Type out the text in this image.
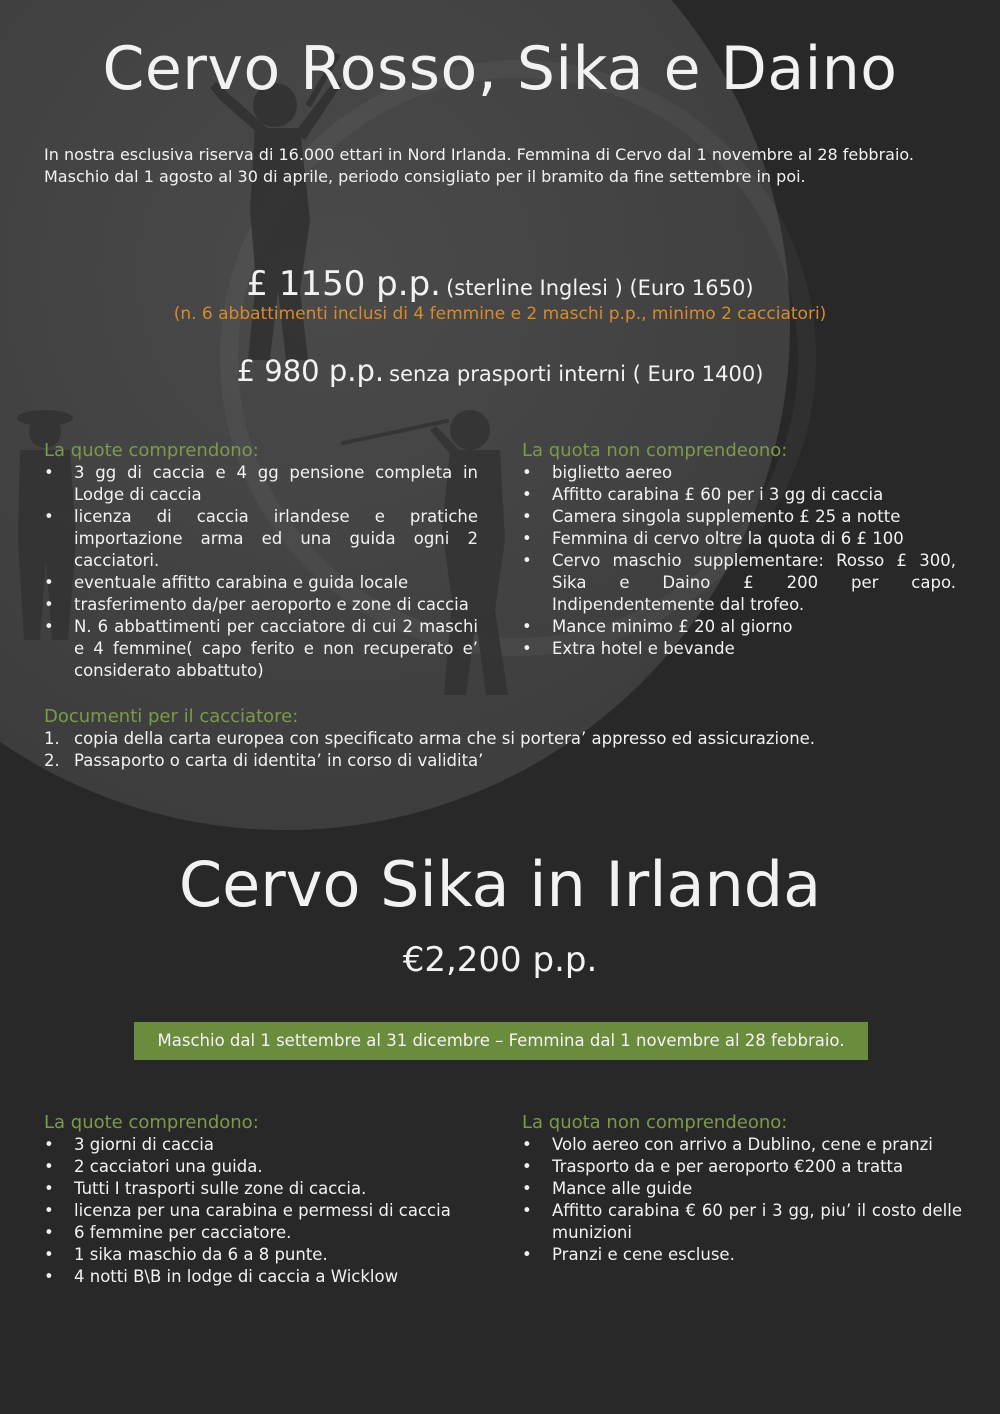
Cervo Rosso, Sika e Daino

In nostra esclusiva riserva di 16.000 ettari in Nord Irlanda. Femmina di Cervo dal 1 novembre al 28 febbraio.

Maschio dal 1 agosto al 30 di aprile, periodo consigliato per il bramito da fine settembre in poi.

£ 1150 p.p. (sterline Inglesi ) (Euro 1650)
(n. 6 abbattimenti inclusi di 4 femmine e 2 maschi p.p., minimo 2 cacciatori)
£ 980 p.p. senza prasporti interni ( Euro 1400)
La quote comprendono:
• 3 gg di caccia e 4 gg pensione completa in Lodge di caccia
• licenza di caccia irlandese e pratiche importazione arma ed una guida ogni 2 cacciatori.
• eventuale affitto carabina e guida locale
• trasferimento da/per aeroporto e zone di caccia
• N. 6 abbattimenti per cacciatore di cui 2 maschi e 4 femmine( capo ferito e non recuperato e’ considerato abbattuto)
La quota non comprendeono:
• biglietto aereo
• Affitto carabina £ 60 per i 3 gg di caccia
• Camera singola supplemento £ 25 a notte
• Femmina di cervo oltre la quota di 6 £ 100
• Cervo maschio supplementare: Rosso £ 300, Sika e Daino £ 200 per capo. Indipendentemente dal trofeo.
• Mance minimo £ 20 al giorno
• Extra hotel e bevande
Documenti per il cacciatore:
1. copia della carta europea con specificato arma che si portera’ appresso ed assicurazione.
2. Passaporto o carta di identita’ in corso di validita’
Cervo Sika in Irlanda
€2,200 p.p.
Maschio dal 1 settembre al 31 dicembre – Femmina dal 1 novembre al 28 febbraio.
La quote comprendono:
• 3 giorni di caccia
• 2 cacciatori una guida.
• Tutti I trasporti sulle zone di caccia.
• licenza per una carabina e permessi di caccia
• 6 femmine per cacciatore.
• 1 sika maschio da 6 a 8 punte.
• 4 notti B\B in lodge di caccia a Wicklow
La quota non comprendeono:
• Volo aereo con arrivo a Dublino, cene e pranzi
• Trasporto da e per aeroporto €200 a tratta
• Mance alle guide
• Affitto carabina € 60 per i 3 gg, piu’ il costo delle munizioni
• Pranzi e cene escluse.
